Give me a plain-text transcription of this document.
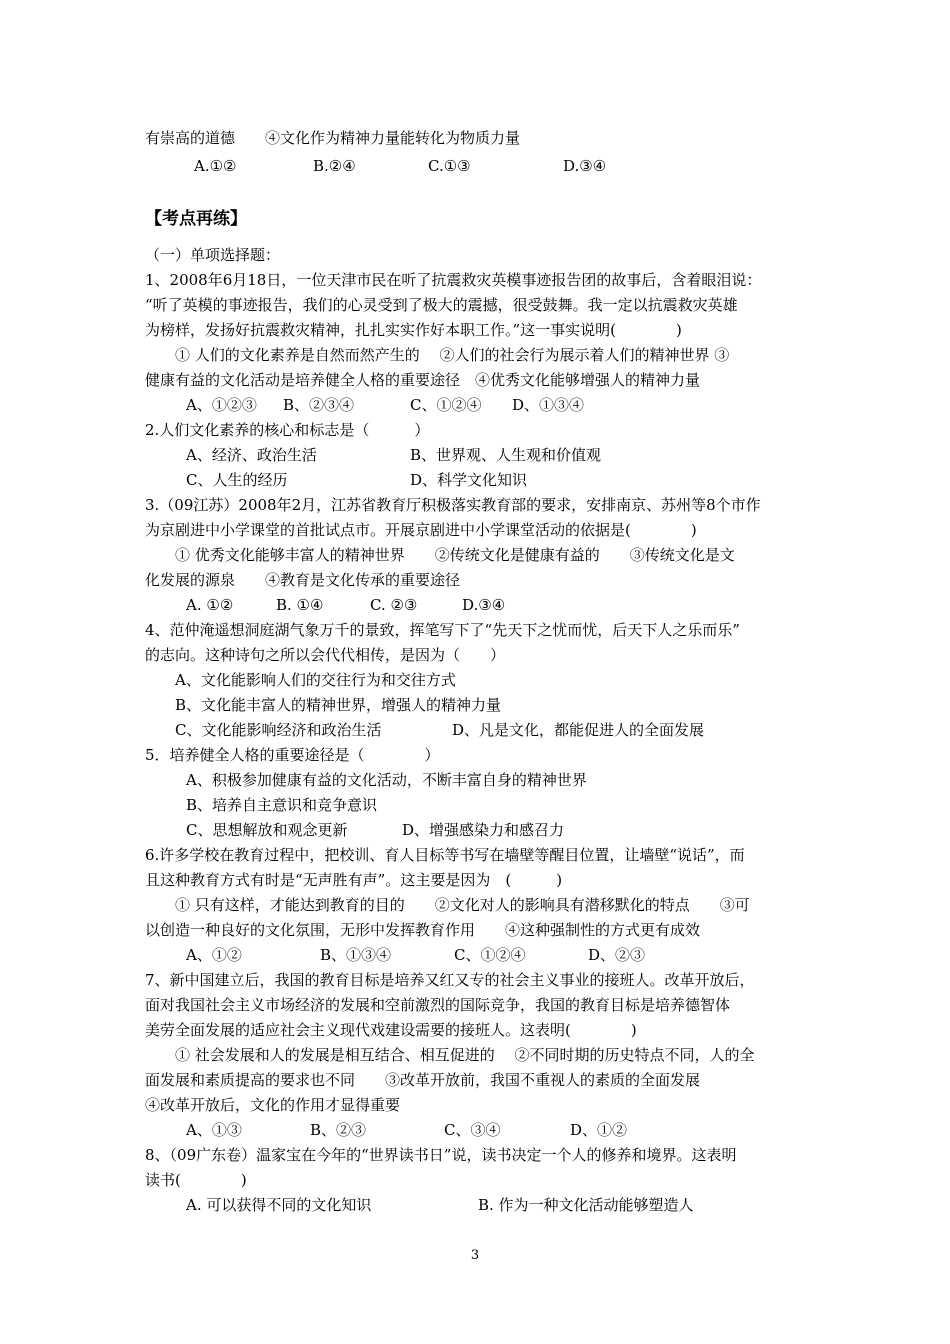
有崇高的道德　　④文化作为精神力量能转化为物质力量
A.①②	B.②④	C.①③	D.③④
【考点再练】
（一）单项选择题：
1、2008年6月18日，一位天津市民在听了抗震救灾英模事迹报告团的故事后，含着眼泪说：
“听了英模的事迹报告，我们的心灵受到了极大的震撼，很受鼓舞。我一定以抗震救灾英雄
为榜样，发扬好抗震救灾精神，扎扎实实作好本职工作。”这一事实说明(　　　　)
① 人们的文化素养是自然而然产生的　 ②人们的社会行为展示着人们的精神世界 ③
健康有益的文化活动是培养健全人格的重要途径　④优秀文化能够增强人的精神力量
A、①②③ B、②③④	C、①②④ D、①③④
2.人们文化素养的核心和标志是（　　　）
A、经济、政治生活	B、世界观、人生观和价值观
C、人生的经历	D、科学文化知识
3.（09江苏）2008年2月，江苏省教育厅积极落实教育部的要求，安排南京、苏州等8个市作
为京剧进中小学课堂的首批试点市。开展京剧进中小学课堂活动的依据是(　　　　)
① 优秀文化能够丰富人的精神世界　　②传统文化是健康有益的　　③传统文化是文
化发展的源泉　　④教育是文化传承的重要途径
A. ①②	B. ①④	C. ②③	D.③④
4、范仲淹遥想洞庭湖气象万千的景致，挥笔写下了“先天下之忧而忧，后天下人之乐而乐”
的志向。这种诗句之所以会代代相传，是因为（　　）
A、文化能影响人们的交往行为和交往方式
B、文化能丰富人的精神世界，增强人的精神力量
C、文化能影响经济和政治生活	D、凡是文化，都能促进人的全面发展
5．培养健全人格的重要途径是（　　　　）
A、积极参加健康有益的文化活动，不断丰富自身的精神世界
B、培养自主意识和竞争意识
C、思想解放和观念更新	D、增强感染力和感召力
6.许多学校在教育过程中，把校训、育人目标等书写在墙壁等醒目位置，让墙壁“说话”，而
且这种教育方式有时是“无声胜有声”。这主要是因为　(　　　)
① 只有这样，才能达到教育的目的　　②文化对人的影响具有潜移默化的特点　　③可
以创造一种良好的文化氛围，无形中发挥教育作用　　④这种强制性的方式更有成效
A、①②	B、①③④	C、①②④	D、②③
7、新中国建立后，我国的教育目标是培养又红又专的社会主义事业的接班人。改革开放后，
面对我国社会主义市场经济的发展和空前激烈的国际竞争，我国的教育目标是培养德智体
美劳全面发展的适应社会主义现代戏建设需要的接班人。这表明(　　　　)
① 社会发展和人的发展是相互结合、相互促进的　 ②不同时期的历史特点不同，人的全
面发展和素质提高的要求也不同　　③改革开放前，我国不重视人的素质的全面发展
④改革开放后，文化的作用才显得重要
A、①③	B、②③	C、③④	D、①②
8、（09广东卷）温家宝在今年的“世界读书日”说，读书决定一个人的修养和境界。这表明
读书(　　　　)
A. 可以获得不同的文化知识	B. 作为一种文化活动能够塑造人
3
